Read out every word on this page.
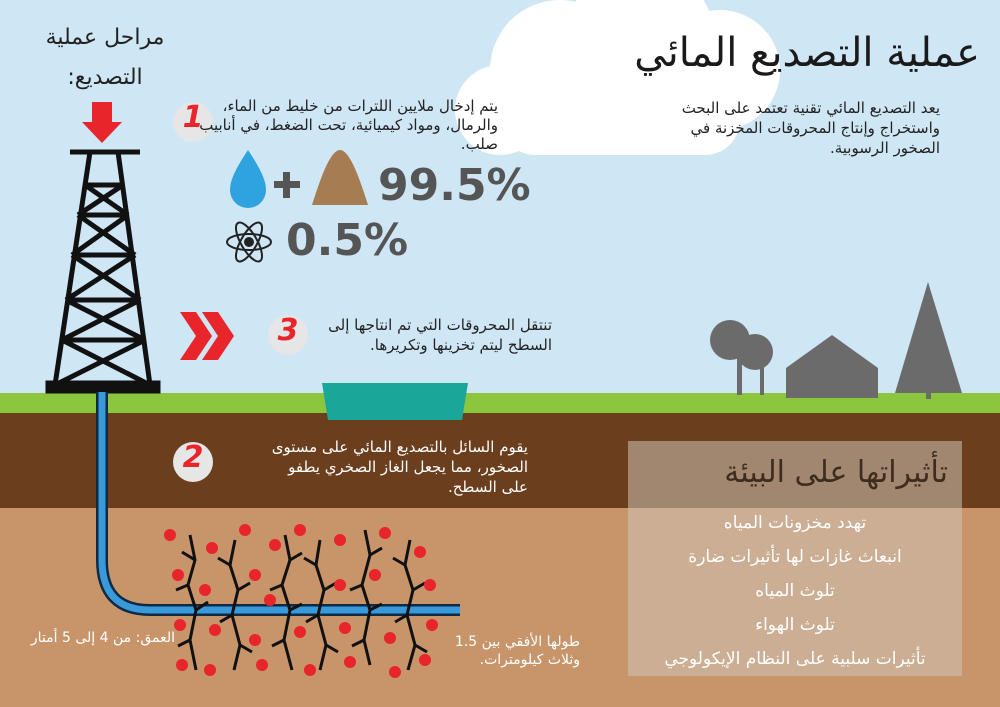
1
3
2
99.5%
0.5%
عملية التصديع المائي
يعد التصديع المائي تقنية تعتمد على البحث واستخراج وإنتاج المحروقات المخزنة في الصخور الرسوبية.
مراحل عملية التصديع:
يتم إدخال ملايين اللترات من خليط من الماء، والرمال، ومواد كيميائية، تحت الضغط، في أنابيب صلب.
تنتقل المحروقات التي تم انتاجها إلى السطح ليتم تخزينها وتكريرها.
يقوم السائل بالتصديع المائي على مستوى الصخور، مما يجعل الغاز الصخري يطفو على السطح.
العمق: من 4 إلى 5 أمتار	طولها الأفقي بين 1.5 وثلاث كيلومترات.
تأثيراتها على البيئة
تهدد مخزونات المياه
انبعاث غازات لها تأثيرات ضارة
تلوث المياه
تلوث الهواء
تأثيرات سلبية على النظام الإيكولوجي
